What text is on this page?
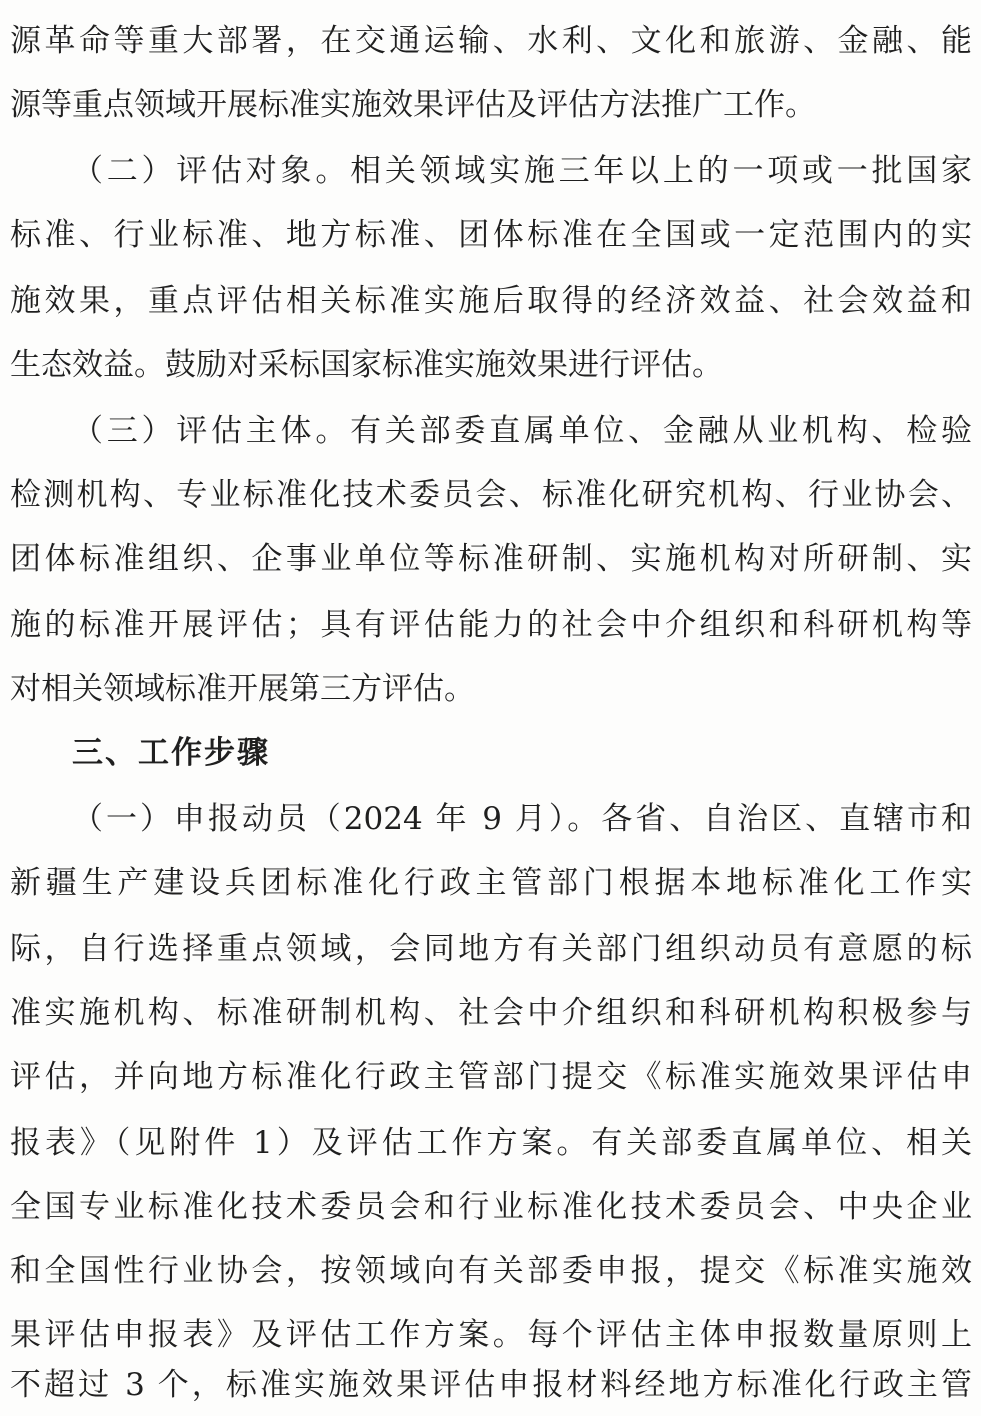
源革命等重大部署，在交通运输、水利、文化和旅游、金融、能
源等重点领域开展标准实施效果评估及评估方法推广工作。
（二）评估对象。相关领域实施三年以上的一项或一批国家
标准、行业标准、地方标准、团体标准在全国或一定范围内的实
施效果，重点评估相关标准实施后取得的经济效益、社会效益和
生态效益。鼓励对采标国家标准实施效果进行评估。
（三）评估主体。有关部委直属单位、金融从业机构、检验
检测机构、专业标准化技术委员会、标准化研究机构、行业协会、
团体标准组织、企事业单位等标准研制、实施机构对所研制、实
施的标准开展评估；具有评估能力的社会中介组织和科研机构等
对相关领域标准开展第三方评估。
三、工作步骤
（一）申报动员（2024 年 9 月）。各省、自治区、直辖市和
新疆生产建设兵团标准化行政主管部门根据本地标准化工作实
际，自行选择重点领域，会同地方有关部门组织动员有意愿的标
准实施机构、标准研制机构、社会中介组织和科研机构积极参与
评估，并向地方标准化行政主管部门提交《标准实施效果评估申
报表》（见附件 1）及评估工作方案。有关部委直属单位、相关
全国专业标准化技术委员会和行业标准化技术委员会、中央企业
和全国性行业协会，按领域向有关部委申报，提交《标准实施效
果评估申报表》及评估工作方案。每个评估主体申报数量原则上
不超过 3 个，标准实施效果评估申报材料经地方标准化行政主管
